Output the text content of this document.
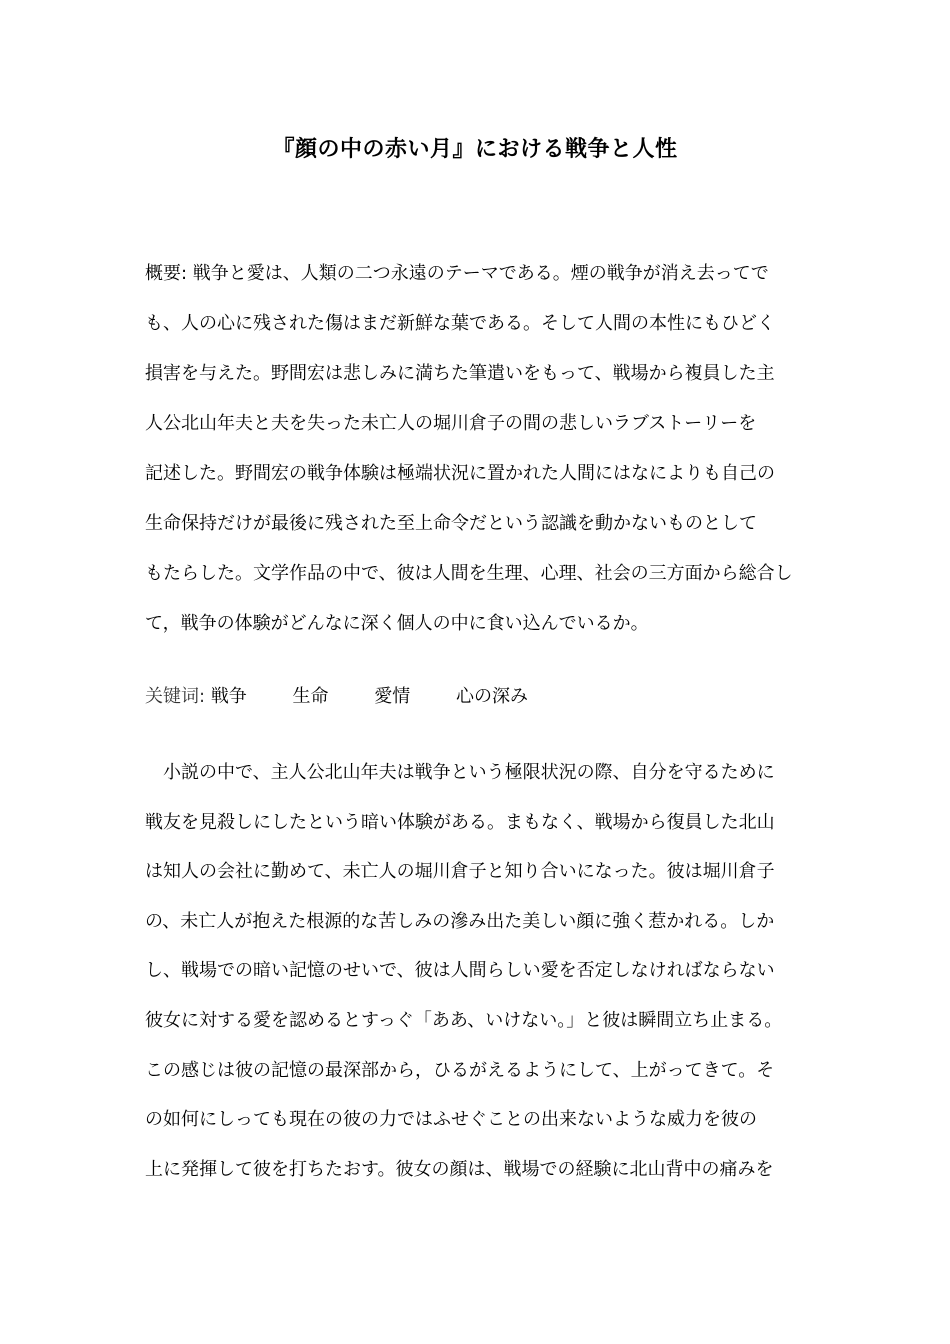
『顔の中の赤い月』における戦争と人性
概要: 戦争と愛は、人類の二つ永遠のテーマである。煙の戦争が消え去ってで
も、人の心に残された傷はまだ新鮮な葉である。そして人間の本性にもひどく
損害を与えた。野間宏は悲しみに満ちた筆遣いをもって、戦場から複員した主
人公北山年夫と夫を失った未亡人の堀川倉子の間の悲しいラブストーリーを
記述した。野間宏の戦争体験は極端状況に置かれた人間にはなによりも自己の
生命保持だけが最後に残された至上命令だという認識を動かないものとして
もたらした。文学作品の中で、彼は人間を生理、心理、社会の三方面から総合し
て，戦争の体験がどんなに深く個人の中に食い込んでいるか。
关键词: 戦争	生命	愛情	心の深み
　小説の中で、主人公北山年夫は戦争という極限状況の際、自分を守るために
戦友を見殺しにしたという暗い体験がある。まもなく、戦場から復員した北山
は知人の会社に勤めて、未亡人の堀川倉子と知り合いになった。彼は堀川倉子
の、未亡人が抱えた根源的な苦しみの滲み出た美しい顔に強く惹かれる。しか
し、戦場での暗い記憶のせいで、彼は人間らしい愛を否定しなければならない
彼女に対する愛を認めるとすっぐ「ああ、いけない。」と彼は瞬間立ち止まる。
この感じは彼の記憶の最深部から，ひるがえるようにして、上がってきて。そ
の如何にしっても現在の彼の力ではふせぐことの出来ないような威力を彼の
上に発揮して彼を打ちたおす。彼女の顔は、戦場での経験に北山背中の痛みを
